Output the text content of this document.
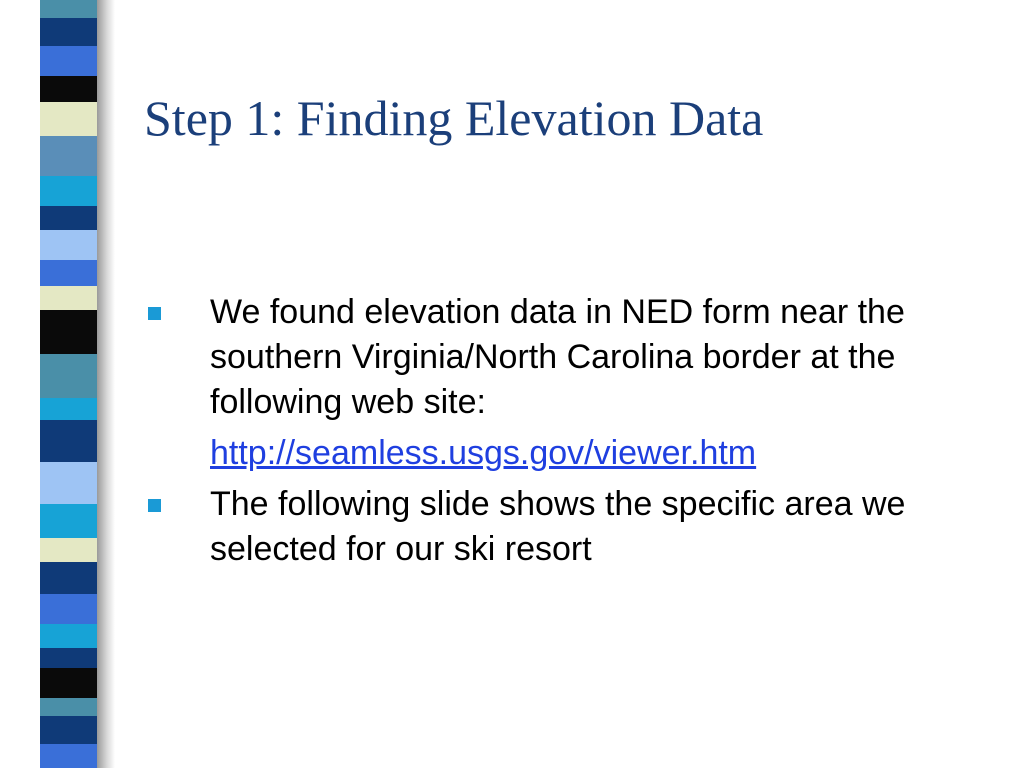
Step 1: Finding Elevation Data
We found elevation data in NED form near the southern Virginia/North Carolina border at the following web site:
http://seamless.usgs.gov/viewer.htm
The following slide shows the specific area we selected for our ski resort
